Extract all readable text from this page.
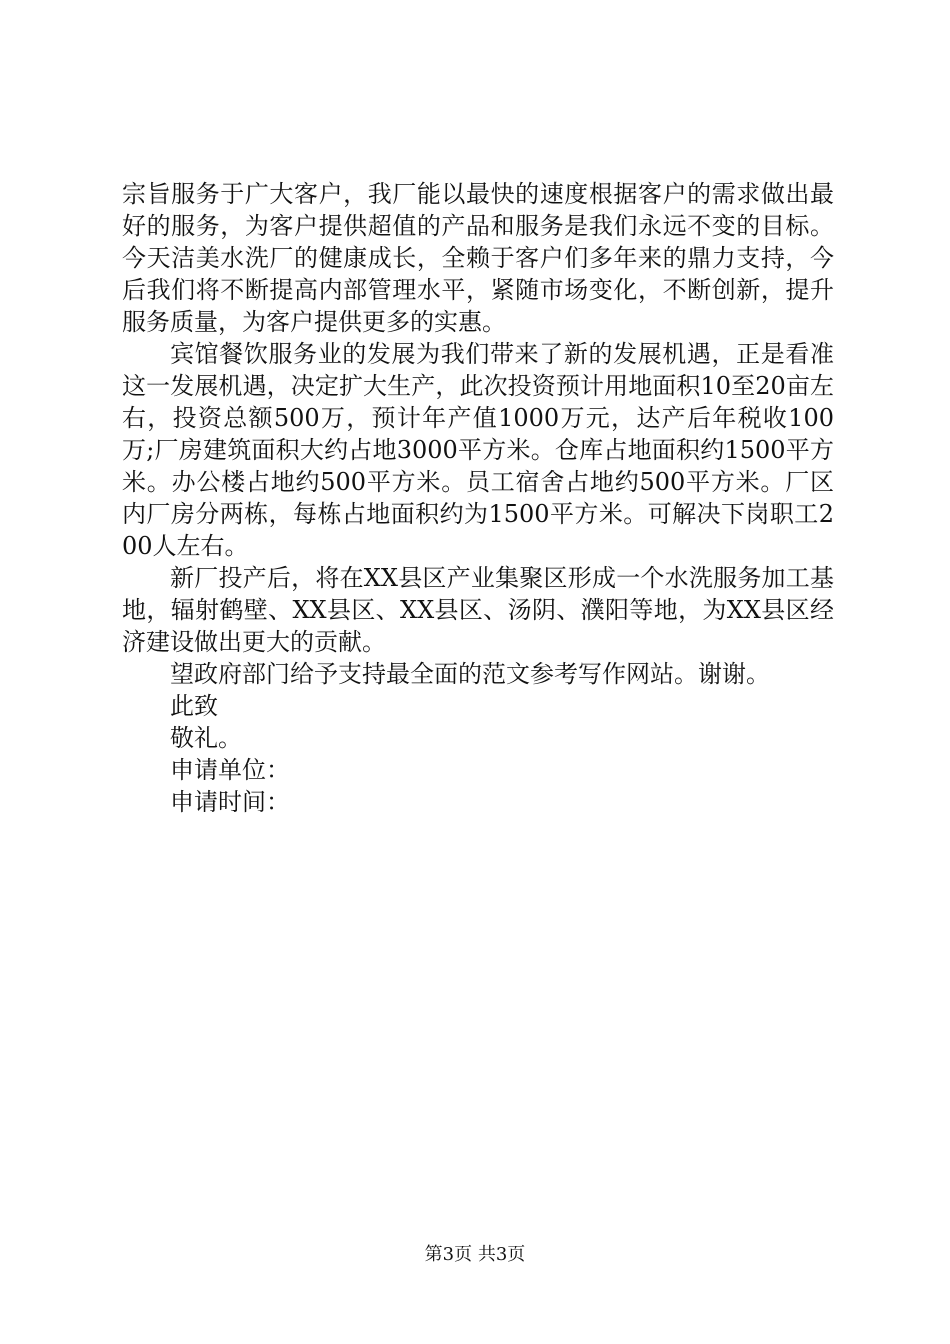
宗旨服务于广大客户，我厂能以最快的速度根据客户的需求做出最好的服务，为客户提供超值的产品和服务是我们永远不变的目标。今天洁美水洗厂的健康成长，全赖于客户们多年来的鼎力支持，今后我们将不断提高内部管理水平，紧随市场变化，不断创新，提升服务质量，为客户提供更多的实惠。

宾馆餐饮服务业的发展为我们带来了新的发展机遇，正是看准这一发展机遇，决定扩大生产，此次投资预计用地面积10至20亩左右，投资总额500万，预计年产值1000万元，达产后年税收100万;厂房建筑面积大约占地3000平方米。仓库占地面积约1500平方米。办公楼占地约500平方米。员工宿舍占地约500平方米。厂区内厂房分两栋，每栋占地面积约为1500平方米。可解决下岗职工200人左右。

新厂投产后，将在XX县区产业集聚区形成一个水洗服务加工基地，辐射鹤壁、XX县区、XX县区、汤阴、濮阳等地，为XX县区经济建设做出更大的贡献。

望政府部门给予支持最全面的范文参考写作网站。谢谢。

此致

敬礼。

申请单位：

申请时间：

第3页 共3页
